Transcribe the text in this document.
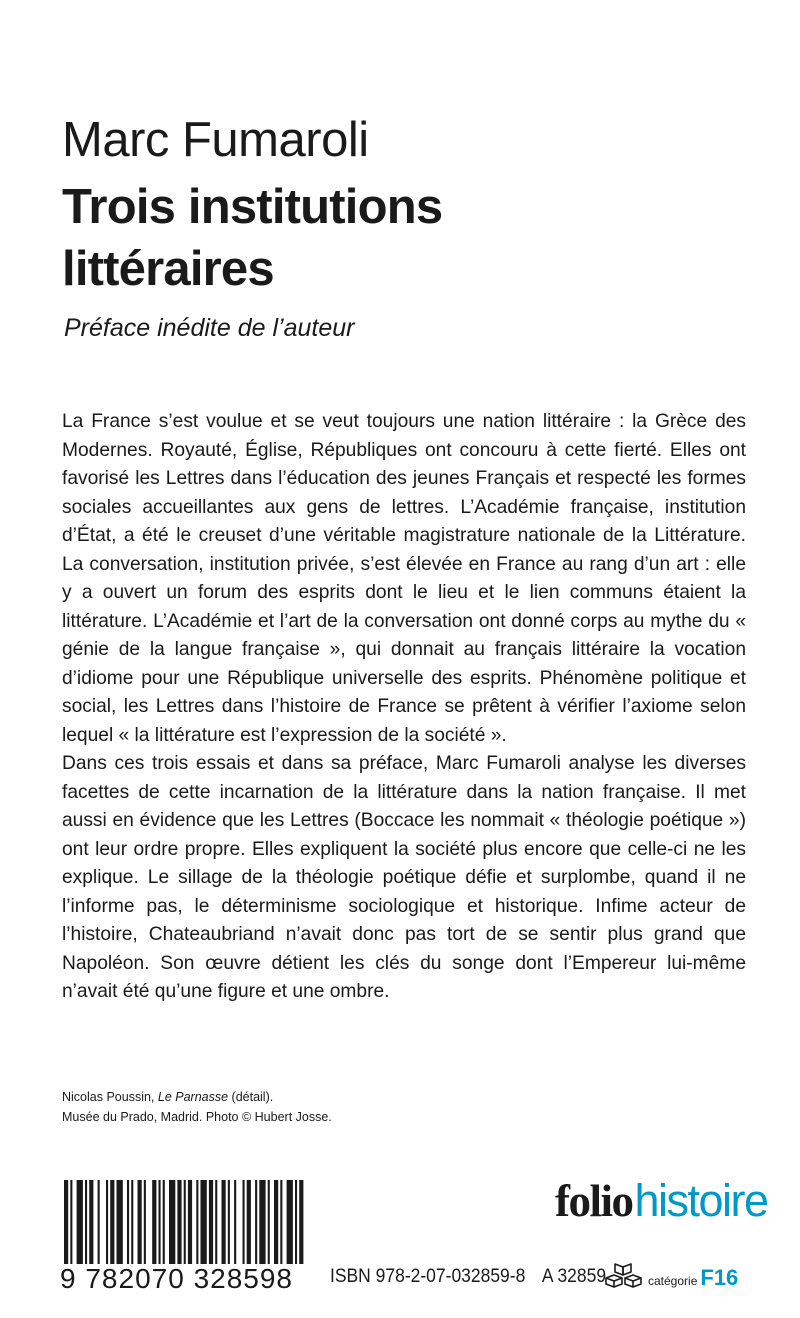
Marc Fumaroli
Trois institutions
littéraires

Préface inédite de l’auteur

La France s’est voulue et se veut toujours une nation littéraire : la Grèce des Modernes. Royauté, Église, Républiques ont concouru à cette fierté. Elles ont favorisé les Lettres dans l’éducation des jeunes Français et respecté les formes sociales accueillantes aux gens de lettres. L’Académie française, institution d’État, a été le creuset d’une véritable magistrature nationale de la Littérature. La conversation, institution privée, s’est élevée en France au rang d’un art : elle y a ouvert un forum des esprits dont le lieu et le lien communs étaient la littérature. L’Académie et l’art de la conversation ont donné corps au mythe du « génie de la langue française », qui donnait au français littéraire la vocation d’idiome pour une République universelle des esprits. Phénomène politique et social, les Lettres dans l’histoire de France se prêtent à vérifier l’axiome selon lequel « la littérature est l’expression de la société ».

Dans ces trois essais et dans sa préface, Marc Fumaroli analyse les diverses facettes de cette incarnation de la littérature dans la nation française. Il met aussi en évidence que les Lettres (Boccace les nommait « théologie poétique ») ont leur ordre propre. Elles expliquent la société plus encore que celle-ci ne les explique. Le sillage de la théologie poétique défie et surplombe, quand il ne l’informe pas, le déterminisme sociologique et historique. Infime acteur de l’histoire, Chateaubriand n’avait donc pas tort de se sentir plus grand que Napoléon. Son œuvre détient les clés du songe dont l’Empereur lui-même n’avait été qu’une figure et une ombre.

Nicolas Poussin, Le Parnasse (détail).
Musée du Prado, Madrid. Photo © Hubert Josse.
9 782070 328598
foliohistoire
ISBN 978-2-07-032859-8 A 32859	catégorie F16
